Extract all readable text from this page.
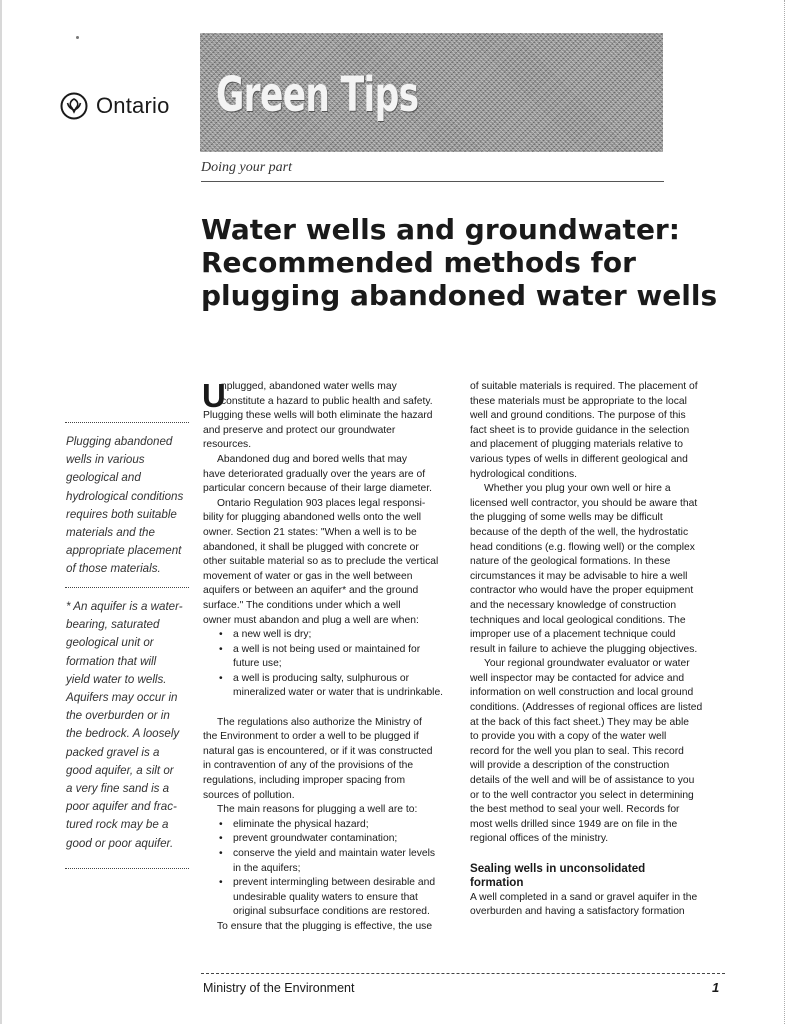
Ontario Green Tips
Doing your part
Water wells and groundwater:
Recommended methods for
plugging abandoned water wells
Plugging abandoned
wells in various
geological and
hydrological conditions
requires both suitable
materials and the
appropriate placement
of those materials.
* An aquifer is a water-
bearing, saturated
geological unit or
formation that will
yield water to wells.
Aquifers may occur in
the overburden or in
the bedrock. A loosely
packed gravel is a
good aquifer, a silt or
a very fine sand is a
poor aquifer and frac-
tured rock may be a
good or poor aquifer.
U
nplugged, abandoned water wells may
constitute a hazard to public health and safety.
Plugging these wells will both eliminate the hazard
and preserve and protect our groundwater
resources.
Abandoned dug and bored wells that may
have deteriorated gradually over the years are of
particular concern because of their large diameter.
Ontario Regulation 903 places legal responsi-
bility for plugging abandoned wells onto the well
owner. Section 21 states: "When a well is to be
abandoned, it shall be plugged with concrete or
other suitable material so as to preclude the vertical
movement of water or gas in the well between
aquifers or between an aquifer* and the ground
surface." The conditions under which a well
owner must abandon and plug a well are when:
• a new well is dry;
• a well is not being used or maintained for
future use;
• a well is producing salty, sulphurous or
mineralized water or water that is undrinkable.
The regulations also authorize the Ministry of
the Environment to order a well to be plugged if
natural gas is encountered, or if it was constructed
in contravention of any of the provisions of the
regulations, including improper spacing from
sources of pollution.
The main reasons for plugging a well are to:
• eliminate the physical hazard;
• prevent groundwater contamination;
• conserve the yield and maintain water levels
in the aquifers;
• prevent intermingling between desirable and
undesirable quality waters to ensure that
original subsurface conditions are restored.
To ensure that the plugging is effective, the use
of suitable materials is required. The placement of
these materials must be appropriate to the local
well and ground conditions. The purpose of this
fact sheet is to provide guidance in the selection
and placement of plugging materials relative to
various types of wells in different geological and
hydrological conditions.
Whether you plug your own well or hire a
licensed well contractor, you should be aware that
the plugging of some wells may be difficult
because of the depth of the well, the hydrostatic
head conditions (e.g. flowing well) or the complex
nature of the geological formations. In these
circumstances it may be advisable to hire a well
contractor who would have the proper equipment
and the necessary knowledge of construction
techniques and local geological conditions. The
improper use of a placement technique could
result in failure to achieve the plugging objectives.
Your regional groundwater evaluator or water
well inspector may be contacted for advice and
information on well construction and local ground
conditions. (Addresses of regional offices are listed
at the back of this fact sheet.) They may be able
to provide you with a copy of the water well
record for the well you plan to seal. This record
will provide a description of the construction
details of the well and will be of assistance to you
or to the well contractor you select in determining
the best method to seal your well. Records for
most wells drilled since 1949 are on file in the
regional offices of the ministry.
Sealing wells in unconsolidated
formation
A well completed in a sand or gravel aquifer in the
overburden and having a satisfactory formation
Ministry of the Environment	1
